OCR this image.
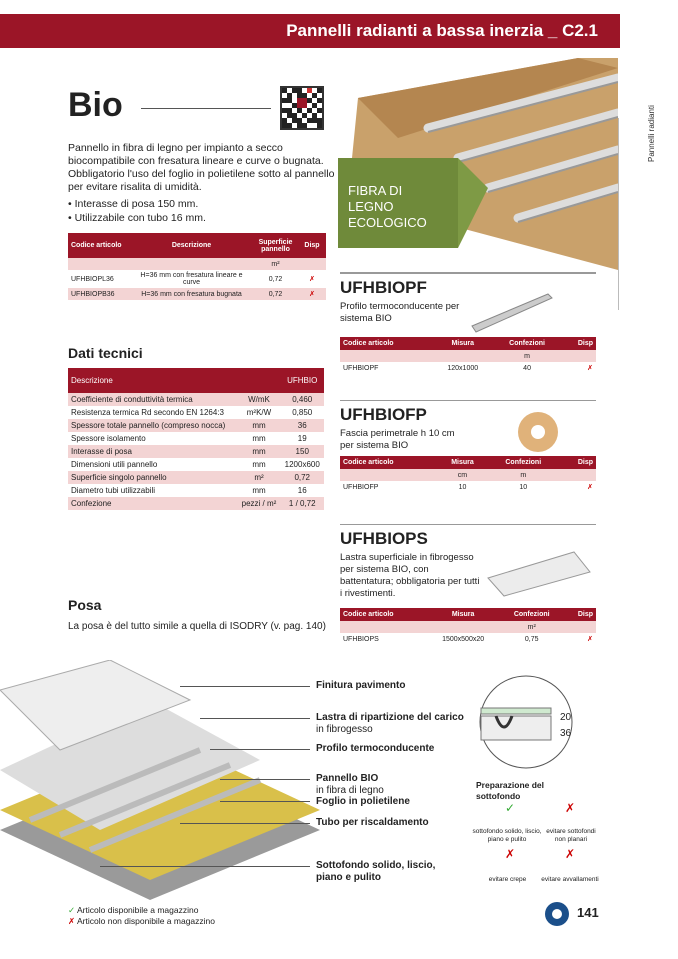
Pannelli radianti a bassa inerzia _ C2.1
Pannelli radianti
Bio

Pannello in fibra di legno per impianto a secco biocompatibile con fresatura lineare e curve o bugnata. Obbligatorio l'uso del foglio in polietilene sotto al pannello per evitare risalita di umidità.

• Interasse di posa 150 mm.
• Utilizzabile con tubo 16 mm.
Codice articolo	Descrizione	Superficie pannello	Disp
		m²	
UFHBIOPL36	H=36 mm con fresatura lineare e curve	0,72	✗
UFHBIOPB36	H=36 mm con fresatura bugnata	0,72	✗
Dati tecnici
Descrizione		UFHBIO
Coefficiente di conduttività termica	W/mK	0,460
Resistenza termica Rd secondo EN 1264:3	m²K/W	0,850
Spessore totale pannello (compreso nocca)	mm	36
Spessore isolamento	mm	19
Interasse di posa	mm	150
Dimensioni utili pannello	mm	1200x600
Superficie singolo pannello	m²	0,72
Diametro tubi utilizzabili	mm	16
Confezione	pezzi / m²	1 / 0,72
FIBRA DI LEGNO ECOLOGICO
UFHBIOPF
Profilo termoconducente per sistema BIO
Codice articolo	Misura	Confezioni	Disp
		m	
UFHBIOPF	120x1000	40	✗
UFHBIOFP
Fascia perimetrale h 10 cm per sistema BIO
Codice articolo	Misura	Confezioni	Disp
	cm	m	
UFHBIOFP	10	10	✗
UFHBIOPS
Lastra superficiale in fibrogesso per sistema BIO, con battentatura; obbligatoria per tutti i rivestimenti.
Codice articolo	Misura	Confezioni	Disp
		m²	
UFHBIOPS	1500x500x20	0,75	✗
Posa
La posa è del tutto simile a quella di ISODRY (v. pag. 140)
Finitura pavimento
Lastra di ripartizione del carico
in fibrogesso
Profilo termoconducente
Pannello BIO
in fibra di legno
Foglio in polietilene
Tubo per riscaldamento
Sottofondo solido, liscio, piano e pulito
20
36
Preparazione del sottofondo
✓	✗
sottofondo solido, liscio, piano e pulito
evitare sottofondi non planari
✗	✗
evitare crepe	evitare avvallamenti
✓ Articolo disponibile a magazzino
✗ Articolo non disponibile a magazzino
141
